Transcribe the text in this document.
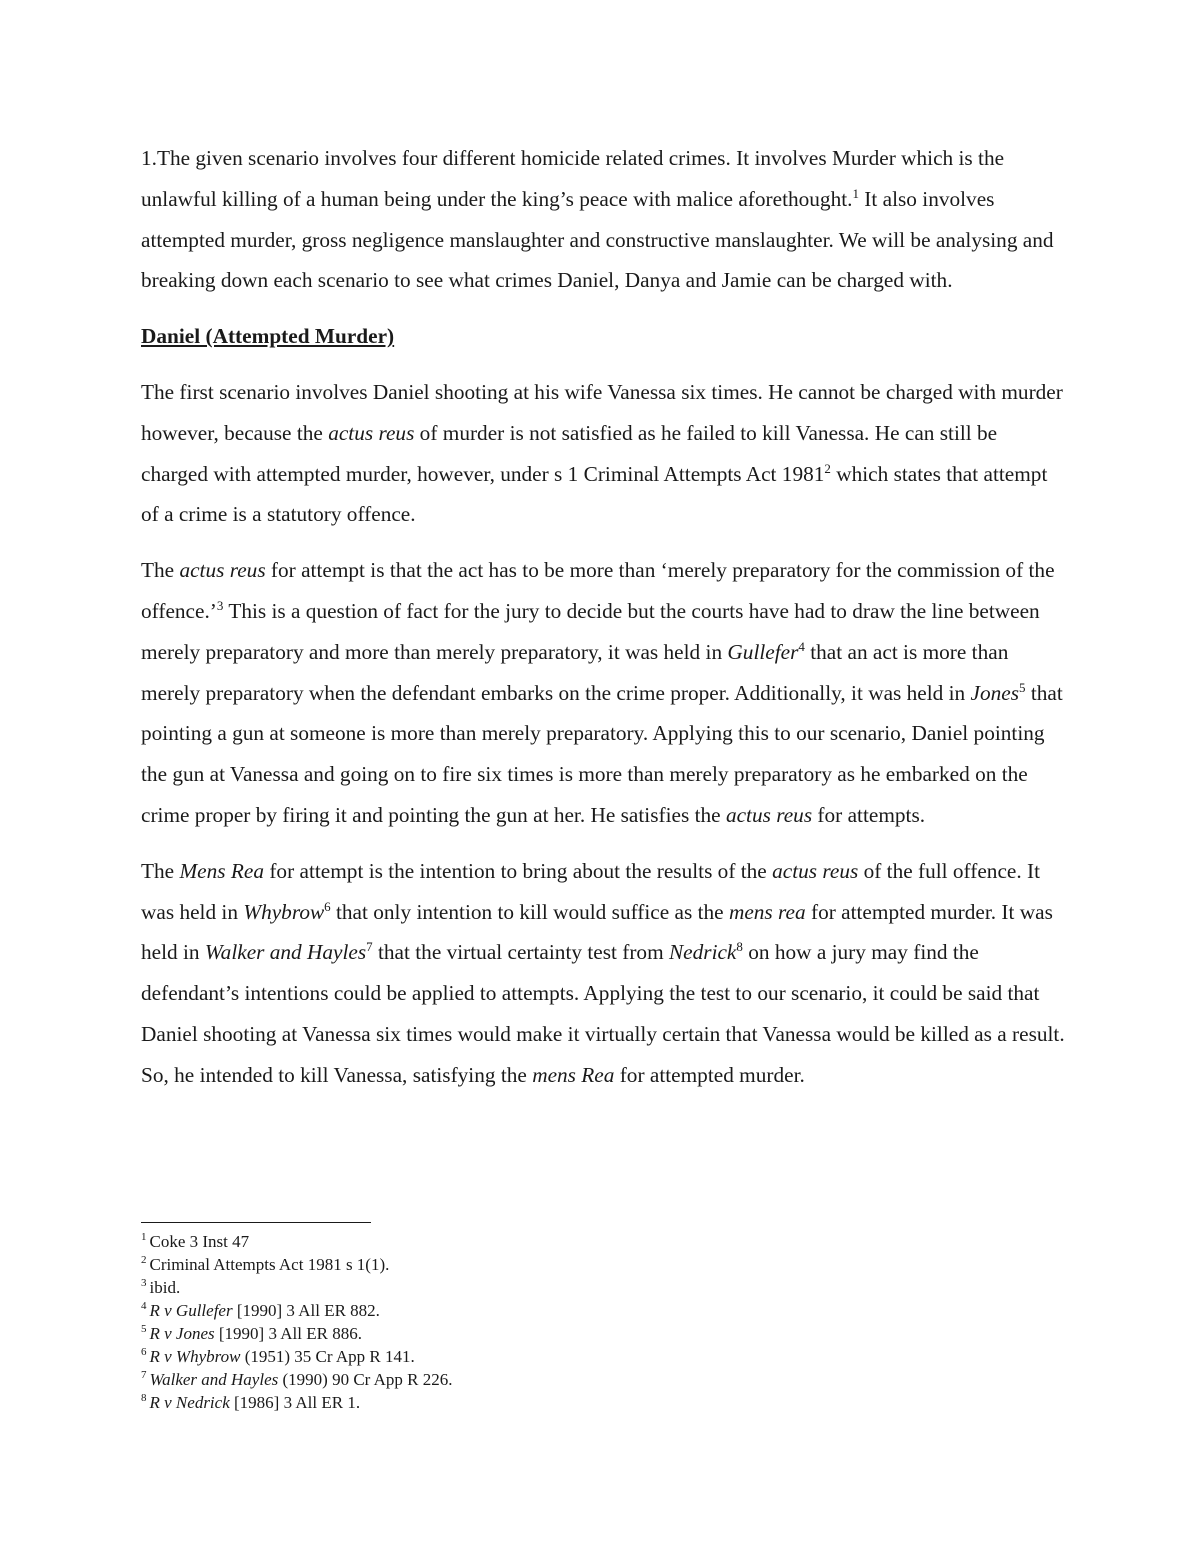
1.The given scenario involves four different homicide related crimes. It involves Murder which is the unlawful killing of a human being under the king’s peace with malice aforethought.$^1$ It also involves attempted murder, gross negligence manslaughter and constructive manslaughter. We will be analysing and breaking down each scenario to see what crimes Daniel, Danya and Jamie can be charged with.

Daniel (Attempted Murder)

The first scenario involves Daniel shooting at his wife Vanessa six times. He cannot be charged with murder however, because the actus reus of murder is not satisfied as he failed to kill Vanessa. He can still be charged with attempted murder, however, under s 1 Criminal Attempts Act 1981$^2$ which states that attempt of a crime is a statutory offence.

The actus reus for attempt is that the act has to be more than ‘merely preparatory for the commission of the offence.’$^3$ This is a question of fact for the jury to decide but the courts have had to draw the line between merely preparatory and more than merely preparatory, it was held in Gullefer$^4$ that an act is more than merely preparatory when the defendant embarks on the crime proper. Additionally, it was held in Jones$^5$ that pointing a gun at someone is more than merely preparatory. Applying this to our scenario, Daniel pointing the gun at Vanessa and going on to fire six times is more than merely preparatory as he embarked on the crime proper by firing it and pointing the gun at her. He satisfies the actus reus for attempts.

The Mens Rea for attempt is the intention to bring about the results of the actus reus of the full offence. It was held in Whybrow$^6$ that only intention to kill would suffice as the mens rea for attempted murder. It was held in Walker and Hayles$^7$ that the virtual certainty test from Nedrick$^8$ on how a jury may find the defendant’s intentions could be applied to attempts. Applying the test to our scenario, it could be said that Daniel shooting at Vanessa six times would make it virtually certain that Vanessa would be killed as a result. So, he intended to kill Vanessa, satisfying the mens Rea for attempted murder.

$^1$ Coke 3 Inst 47
$^2$ Criminal Attempts Act 1981 s 1(1).
$^3$ ibid.
$^4$ R v Gullefer [1990] 3 All ER 882.
$^5$ R v Jones [1990] 3 All ER 886.
$^6$ R v Whybrow (1951) 35 Cr App R 141.
$^7$ Walker and Hayles (1990) 90 Cr App R 226.
$^8$ R v Nedrick [1986] 3 All ER 1.
